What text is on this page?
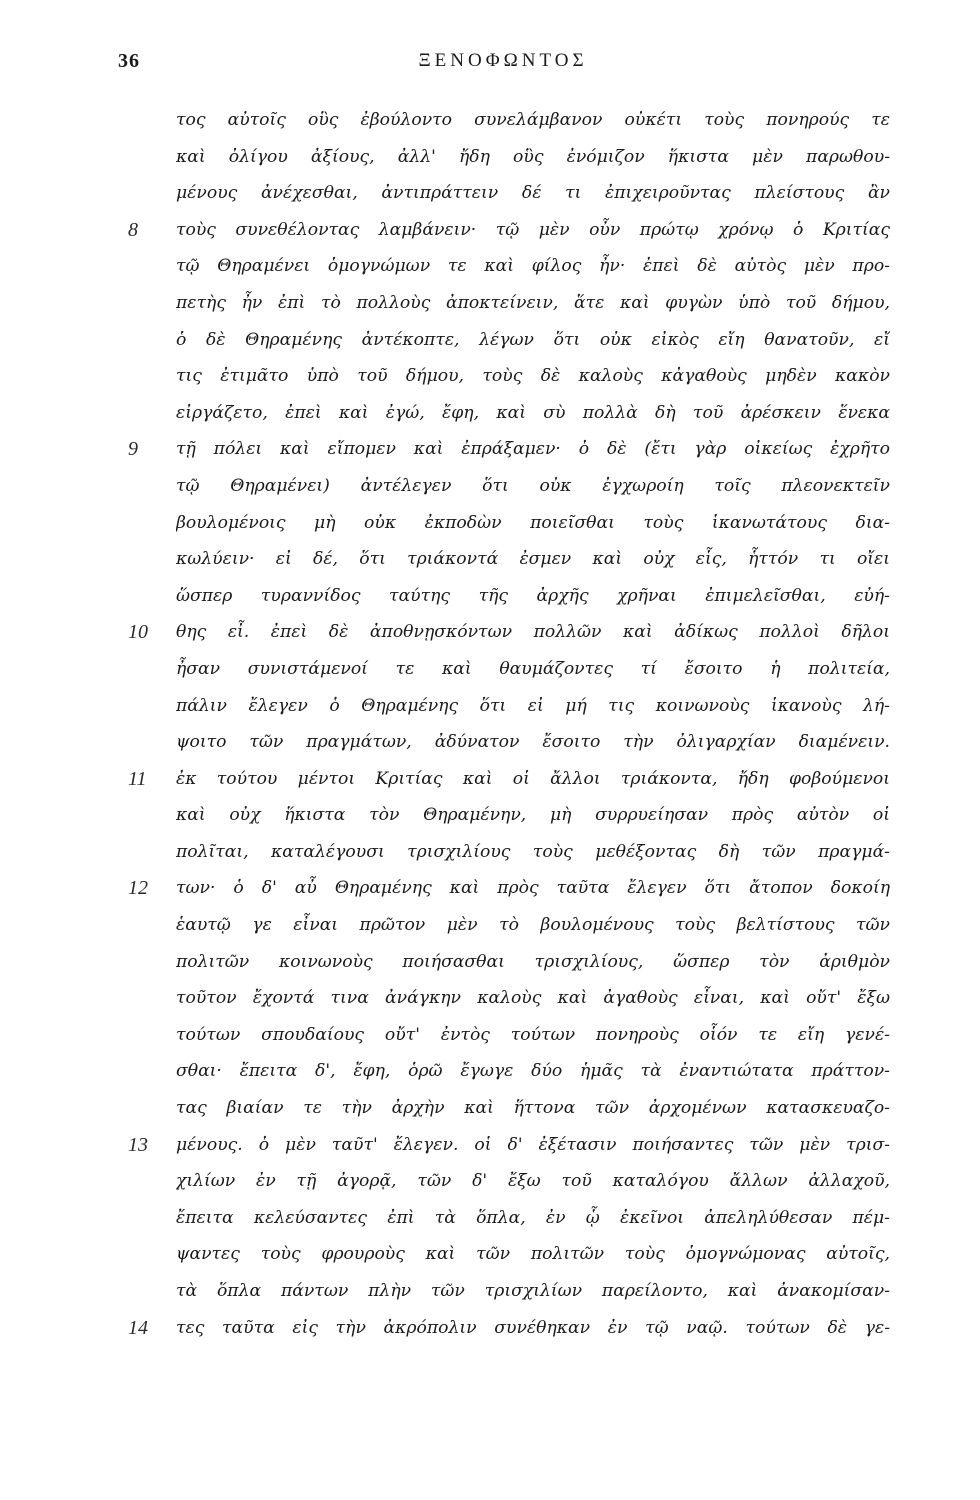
36	ΞΕΝΟΦΩΝΤΟΣ
τος αὐτοῖς οὓς ἐβούλοντο συνελάμβανον οὐκέτι τοὺς πονηρούς τε
καὶ ὀλίγου ἀξίους, ἀλλ' ἤδη οὓς ἐνόμιζον ἥκιστα μὲν παρωθου-
μένους ἀνέχεσθαι, ἀντιπράττειν δέ τι ἐπιχειροῦντας πλείστους ἂν
8	τοὺς συνεθέλοντας λαμβάνειν· τῷ μὲν οὖν πρώτῳ χρόνῳ ὁ Κριτίας
τῷ Θηραμένει ὁμογνώμων τε καὶ φίλος ἦν· ἐπεὶ δὲ αὐτὸς μὲν προ-
πετὴς ἦν ἐπὶ τὸ πολλοὺς ἀποκτείνειν, ἅτε καὶ φυγὼν ὑπὸ τοῦ δήμου,
ὁ δὲ Θηραμένης ἀντέκοπτε, λέγων ὅτι οὐκ εἰκὸς εἴη θανατοῦν, εἴ
τις ἐτιμᾶτο ὑπὸ τοῦ δήμου, τοὺς δὲ καλοὺς κἀγαθοὺς μηδὲν κακὸν
εἰργάζετο, ἐπεὶ καὶ ἐγώ, ἔφη, καὶ σὺ πολλὰ δὴ τοῦ ἀρέσκειν ἕνεκα
9	τῇ πόλει καὶ εἴπομεν καὶ ἐπράξαμεν· ὁ δὲ (ἔτι γὰρ οἰκείως ἐχρῆτο
τῷ Θηραμένει) ἀντέλεγεν ὅτι οὐκ ἐγχωροίη τοῖς πλεονεκτεῖν
βουλομένοις μὴ οὐκ ἐκποδὼν ποιεῖσθαι τοὺς ἱκανωτάτους δια-
κωλύειν· εἰ δέ, ὅτι τριάκοντά ἐσμεν καὶ οὐχ εἷς, ἧττόν τι οἴει
ὥσπερ τυραννίδος ταύτης τῆς ἀρχῆς χρῆναι ἐπιμελεῖσθαι, εὐή-
10	θης εἶ. ἐπεὶ δὲ ἀποθνῃσκόντων πολλῶν καὶ ἀδίκως πολλοὶ δῆλοι
ἦσαν συνιστάμενοί τε καὶ θαυμάζοντες τί ἔσοιτο ἡ πολιτεία,
πάλιν ἔλεγεν ὁ Θηραμένης ὅτι εἰ μή τις κοινωνοὺς ἱκανοὺς λή-
ψοιτο τῶν πραγμάτων, ἀδύνατον ἔσοιτο τὴν ὀλιγαρχίαν διαμένειν.
11	ἐκ τούτου μέντοι Κριτίας καὶ οἱ ἄλλοι τριάκοντα, ἤδη φοβούμενοι
καὶ οὐχ ἥκιστα τὸν Θηραμένην, μὴ συρρυείησαν πρὸς αὐτὸν οἱ
πολῖται, καταλέγουσι τρισχιλίους τοὺς μεθέξοντας δὴ τῶν πραγμά-
12	των· ὁ δ' αὖ Θηραμένης καὶ πρὸς ταῦτα ἔλεγεν ὅτι ἄτοπον δοκοίη
ἑαυτῷ γε εἶναι πρῶτον μὲν τὸ βουλομένους τοὺς βελτίστους τῶν
πολιτῶν κοινωνοὺς ποιήσασθαι τρισχιλίους, ὥσπερ τὸν ἀριθμὸν
τοῦτον ἔχοντά τινα ἀνάγκην καλοὺς καὶ ἀγαθοὺς εἶναι, καὶ οὔτ' ἔξω
τούτων σπουδαίους οὔτ' ἐντὸς τούτων πονηροὺς οἷόν τε εἴη γενέ-
σθαι· ἔπειτα δ', ἔφη, ὁρῶ ἔγωγε δύο ἡμᾶς τὰ ἐναντιώτατα πράττον-
τας βιαίαν τε τὴν ἀρχὴν καὶ ἥττονα τῶν ἀρχομένων κατασκευαζο-
13	μένους. ὁ μὲν ταῦτ' ἔλεγεν. οἱ δ' ἐξέτασιν ποιήσαντες τῶν μὲν τρισ-
χιλίων ἐν τῇ ἀγορᾷ, τῶν δ' ἔξω τοῦ καταλόγου ἄλλων ἀλλαχοῦ,
ἔπειτα κελεύσαντες ἐπὶ τὰ ὅπλα, ἐν ᾧ ἐκεῖνοι ἀπεληλύθεσαν πέμ-
ψαντες τοὺς φρουροὺς καὶ τῶν πολιτῶν τοὺς ὁμογνώμονας αὐτοῖς,
τὰ ὅπλα πάντων πλὴν τῶν τρισχιλίων παρείλοντο, καὶ ἀνακομίσαν-
14	τες ταῦτα εἰς τὴν ἀκρόπολιν συνέθηκαν ἐν τῷ ναῷ. τούτων δὲ γε-
